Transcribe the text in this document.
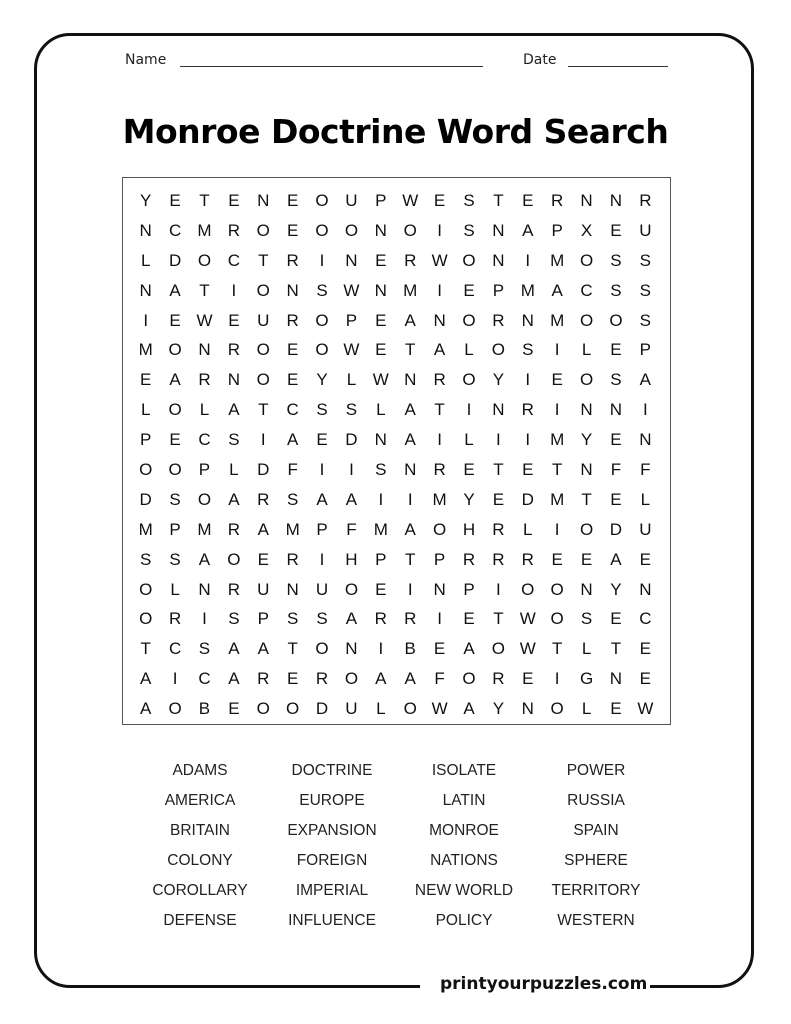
Name	Date
Monroe Doctrine Word Search
Y	E	T	E	N	E	O U	P W E	S	T	E	R	N	N	R
N	C M R O	E	O O N O	I	S	N	A	P	X	E	U
L	D O C	T	R	I	N	E	R W O N	I	M O	S	S
N	A	T	I	O N	S W N M	I	E	P M A	C	S	S
I	E W E	U	R O	P	E	A	N O R	N M O O	S
M O N	R O	E	O W E	T	A	L	O	S	I	L	E	P
E	A	R	N O	E	Y	L W N	R O	Y	I	E	O	S	A
L	O	L	A	T	C	S	S	L	A	T	I	N	R	I	N	N	I
P	E	C	S	I	A	E	D	N	A	I	L	I	I	M Y	E	N
O O	P	L	D	F	I	I	S	N	R	E	T	E	T	N	F	F
D	S	O	A	R	S	A	A	I	I	M Y	E	D M	T	E	L
M P M R	A M P	F	M A	O H	R	L	I	O D	U
S	S	A	O	E	R	I	H	P	T	P	R	R	R	E	E	A	E
O	L	N	R	U	N	U O	E	I	N	P	I	O O N	Y	N
O R	I	S	P	S	S	A	R	R	I	E	T W O	S	E	C
T	C	S	A	A	T	O N	I	B	E	A	O W T	L	T	E
A	I	C	A	R	E	R O	A	A	F	O R	E	I	G N	E
A	O	B	E	O O D	U	L	O W A	Y	N O	L	E W
ADAMS	DOCTRINE	ISOLATE	POWER
AMERICA	EUROPE	LATIN	RUSSIA
BRITAIN	EXPANSION	MONROE	SPAIN
COLONY	FOREIGN	NATIONS	SPHERE
COROLLARY	IMPERIAL	NEW WORLD	TERRITORY
DEFENSE	INFLUENCE	POLICY	WESTERN
printyourpuzzles.com
